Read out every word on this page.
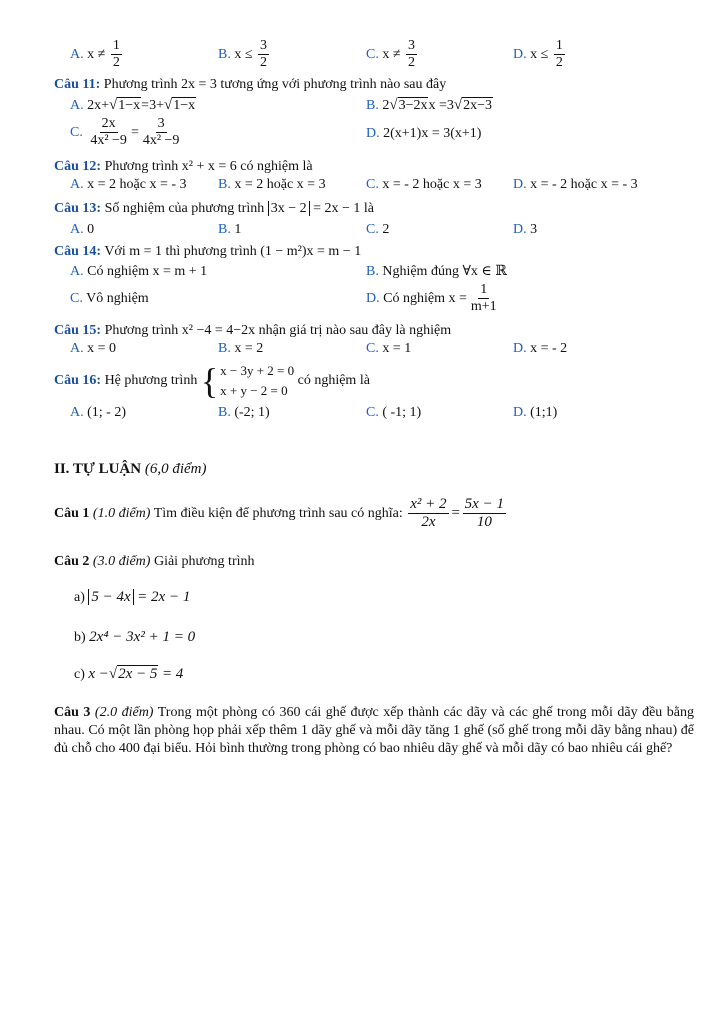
A. $x \ne \frac{1}{2}$	B. $x \le \frac{3}{2}$	C. $x \ne \frac{3}{2}$	D. $x \le \frac{1}{2}$
Câu 11: Phương trình 2x = 3 tương ứng với phương trình nào sau đây
A. 2x+√1−x=3+√1−x	B. 2√3−2xx =3√2x−3
C. $\frac{2x}{\text{4x² −9}} = \frac{3}{\text{4x² −9}}$	D. 2(x+1)x = 3(x+1)
Câu 12: Phương trình x² + x = 6 có nghiệm là
A. x = 2 hoặc x = - 3 B. x = 2 hoặc x = 3	C. x = - 2 hoặc x = 3 D. x = - 2 hoặc x = - 3
Câu 13: Số nghiệm của phương trình 3x − 2 = 2x − 1 là
A. 0	B. 1	C. 2	D. 3
Câu 14: Với m = 1 thì phương trình (1 − m²)x = m − 1
A. Có nghiệm x = m + 1	B. Nghiệm đúng ∀x ∈ ℝ
C. Vô nghiệm	D. Có nghiệm $x = \frac{1}{m+1}$
Câu 15: Phương trình x² −4 = 4−2x nhận giá trị nào sau đây là nghiệm
A. x = 0	B. x = 2	C. x = 1	D. x = - 2
Câu 16: Hệ phương trình { x − 3y + 2 = 0
x + y − 2 = 0
có nghiệm là
A. (1; - 2)	B. (-2; 1)	C. ( -1; 1)	D. (1;1)
II. TỰ LUẬN (6,0 điểm)
Câu 1 (1.0 điểm) Tìm điều kiện để phương trình sau có nghĩa: $\frac{\text{x² + 2}}{2x} = \frac{5x - 1}{10}$
Câu 2 (3.0 điểm) Giải phương trình
a) 5 − 4x = 2x − 1
b) 2x⁴ − 3x² + 1 = 0
c) x −√2x − 5 = 4
Câu 3 (2.0 điểm) Trong một phòng có 360 cái ghế được xếp thành các dãy và các ghế trong mỗi dãy đều bằng nhau. Có một lần phòng họp phải xếp thêm 1 dãy ghế và mỗi dãy tăng 1 ghế (số ghế trong mỗi dãy bằng nhau) để đủ chỗ cho 400 đại biểu. Hỏi bình thường trong phòng có bao nhiêu dãy ghế và mỗi dãy có bao nhiêu cái ghế?
